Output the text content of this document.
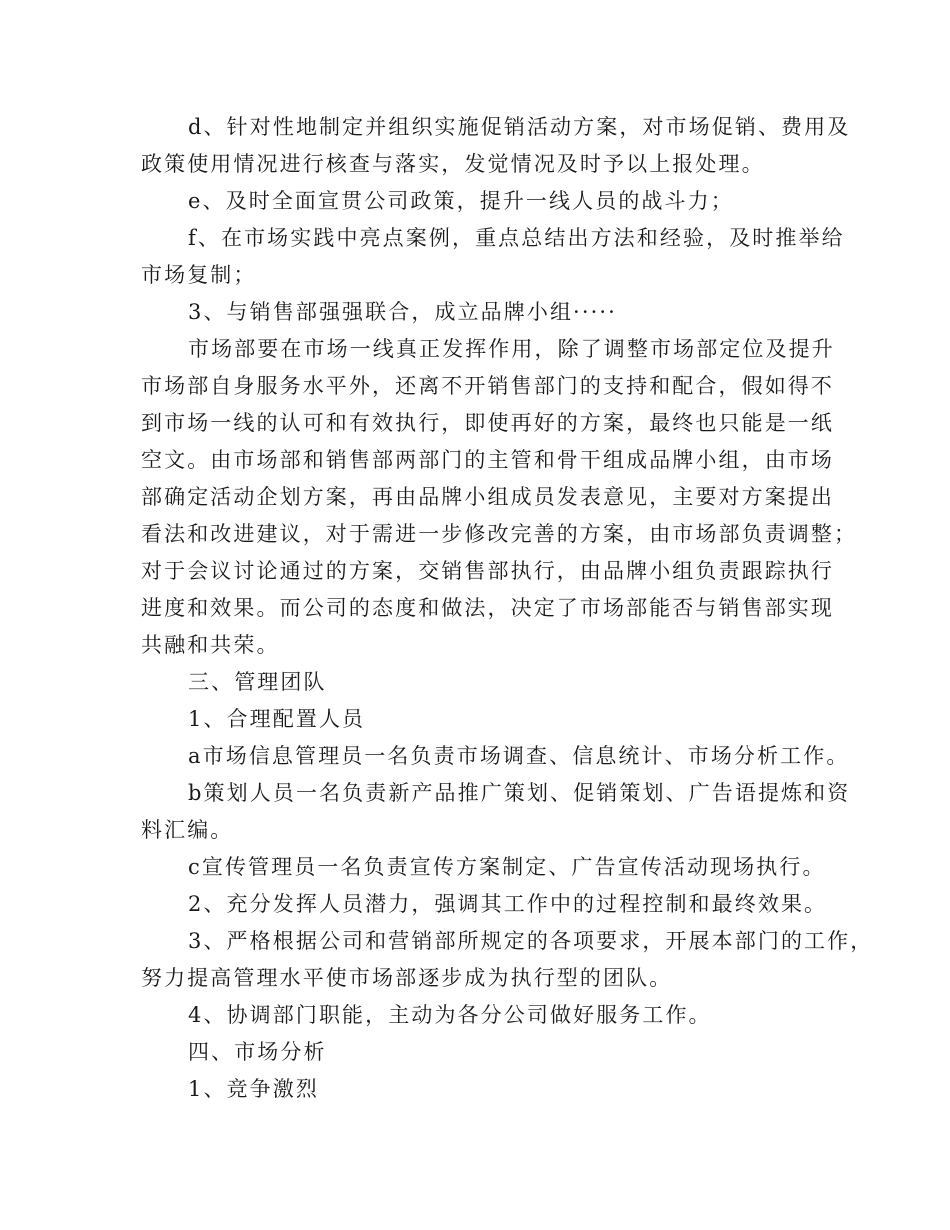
d、针对性地制定并组织实施促销活动方案，对市场促销、费用及
政策使用情况进行核查与落实，发觉情况及时予以上报处理。
e、及时全面宣贯公司政策，提升一线人员的战斗力；
f、在市场实践中亮点案例，重点总结出方法和经验，及时推举给
市场复制；
3、与销售部强强联合，成立品牌小组·····
市场部要在市场一线真正发挥作用，除了调整市场部定位及提升
市场部自身服务水平外，还离不开销售部门的支持和配合，假如得不
到市场一线的认可和有效执行，即使再好的方案，最终也只能是一纸
空文。由市场部和销售部两部门的主管和骨干组成品牌小组，由市场
部确定活动企划方案，再由品牌小组成员发表意见，主要对方案提出
看法和改进建议，对于需进一步修改完善的方案，由市场部负责调整；
对于会议讨论通过的方案，交销售部执行，由品牌小组负责跟踪执行
进度和效果。而公司的态度和做法，决定了市场部能否与销售部实现
共融和共荣。
三、管理团队
1、合理配置人员
a市场信息管理员一名负责市场调查、信息统计、市场分析工作。
b策划人员一名负责新产品推广策划、促销策划、广告语提炼和资
料汇编。
c宣传管理员一名负责宣传方案制定、广告宣传活动现场执行。
2、充分发挥人员潜力，强调其工作中的过程控制和最终效果。
3、严格根据公司和营销部所规定的各项要求，开展本部门的工作，
努力提高管理水平使市场部逐步成为执行型的团队。
4、协调部门职能，主动为各分公司做好服务工作。
四、市场分析
1、竞争激烈
